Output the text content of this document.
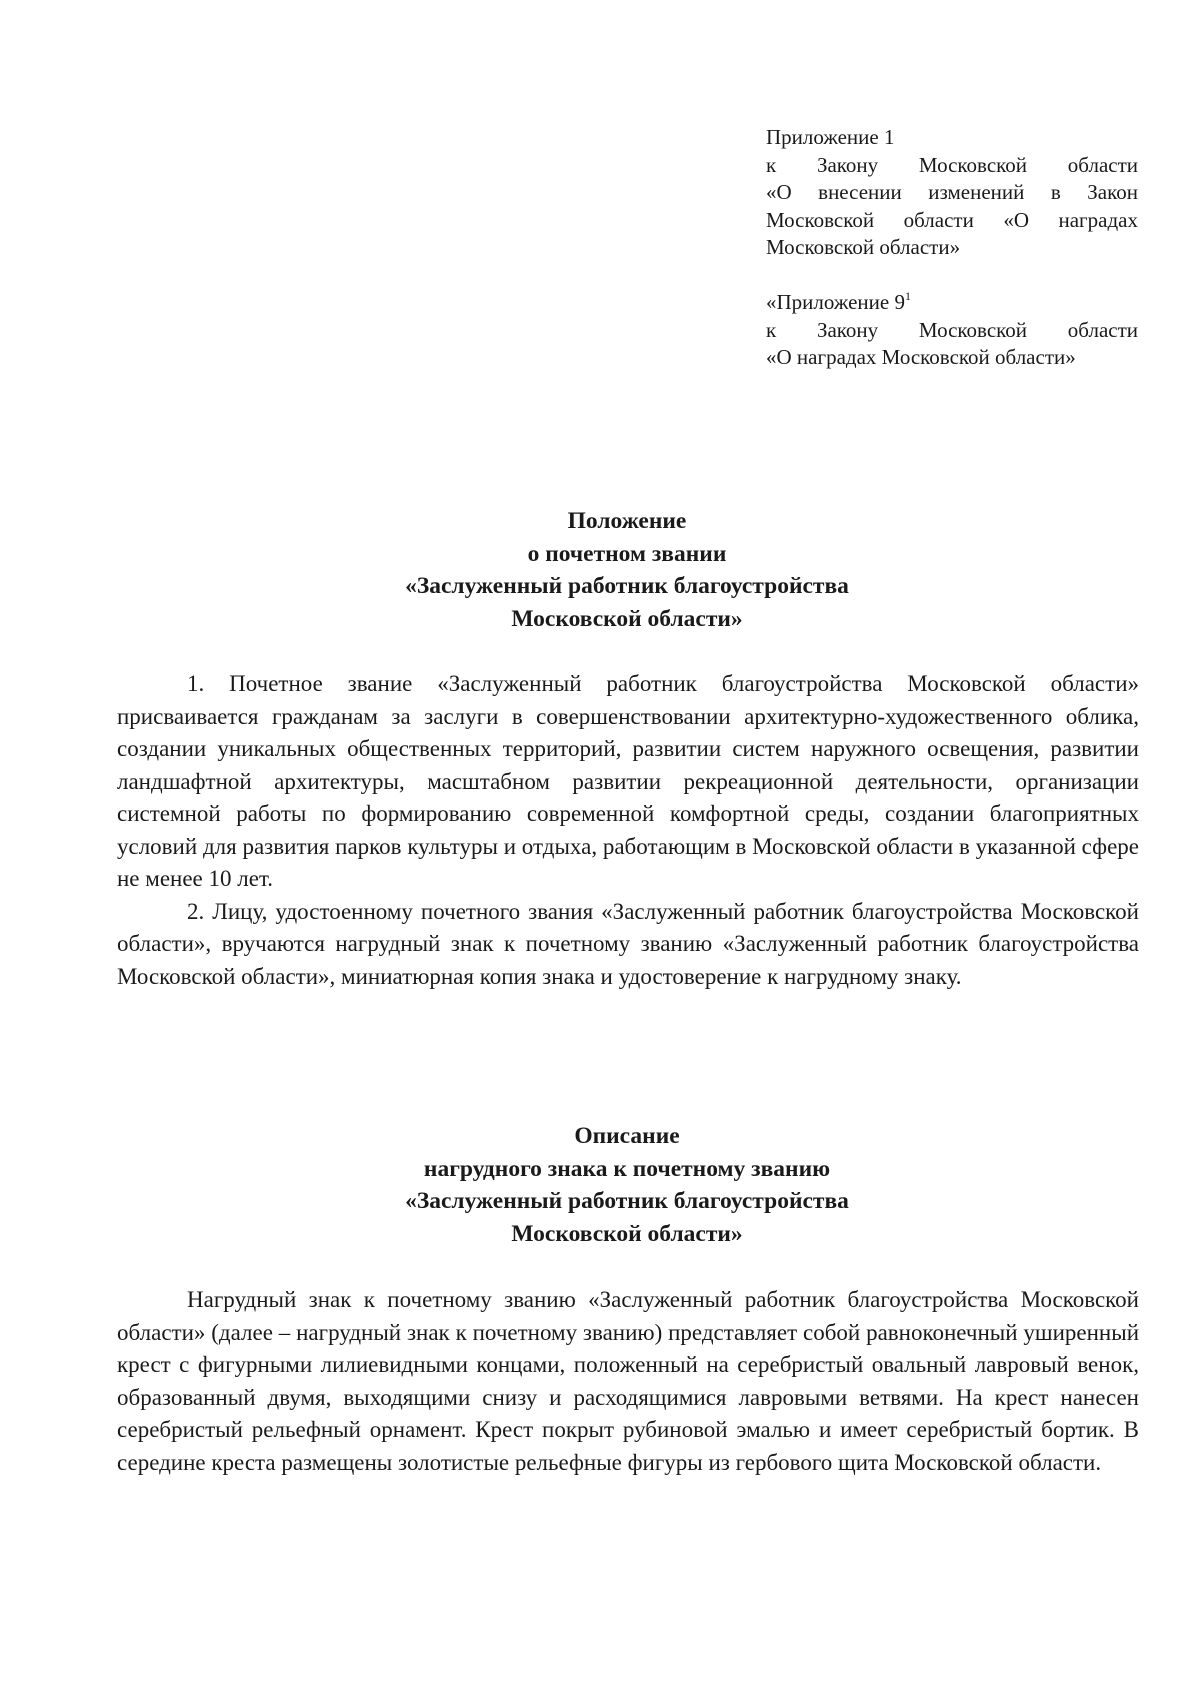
Приложение 1
к Закону Московской области
«О внесении изменений в Закон
Московской области «О наградах
Московской области»
«Приложение $9^1$
к Закону Московской области
«О наградах Московской области»
Положение
о почетном звании
«Заслуженный работник благоустройства
Московской области»

1. Почетное звание «Заслуженный работник благоустройства Московской области» присваивается гражданам за заслуги в совершенствовании архитектурно-художественного облика, создании уникальных общественных территорий, развитии систем наружного освещения, развитии ландшафтной архитектуры, масштабном развитии рекреационной деятельности, организации системной работы по формированию современной комфортной среды, создании благоприятных условий для развития парков культуры и отдыха, работающим в Московской области в указанной сфере не менее 10 лет.

2. Лицу, удостоенному почетного звания «Заслуженный работник благоустройства Московской области», вручаются нагрудный знак к почетному званию «Заслуженный работник благоустройства Московской области», миниатюрная копия знака и удостоверение к нагрудному знаку.

Описание
нагрудного знака к почетному званию
«Заслуженный работник благоустройства
Московской области»

Нагрудный знак к почетному званию «Заслуженный работник благоустройства Московской области» (далее – нагрудный знак к почетному званию) представляет собой равноконечный уширенный крест с фигурными лилиевидными концами, положенный на серебристый овальный лавровый венок, образованный двумя, выходящими снизу и расходящимися лавровыми ветвями. На крест нанесен серебристый рельефный орнамент. Крест покрыт рубиновой эмалью и имеет серебристый бортик. В середине креста размещены золотистые рельефные фигуры из гербового щита Московской области.
